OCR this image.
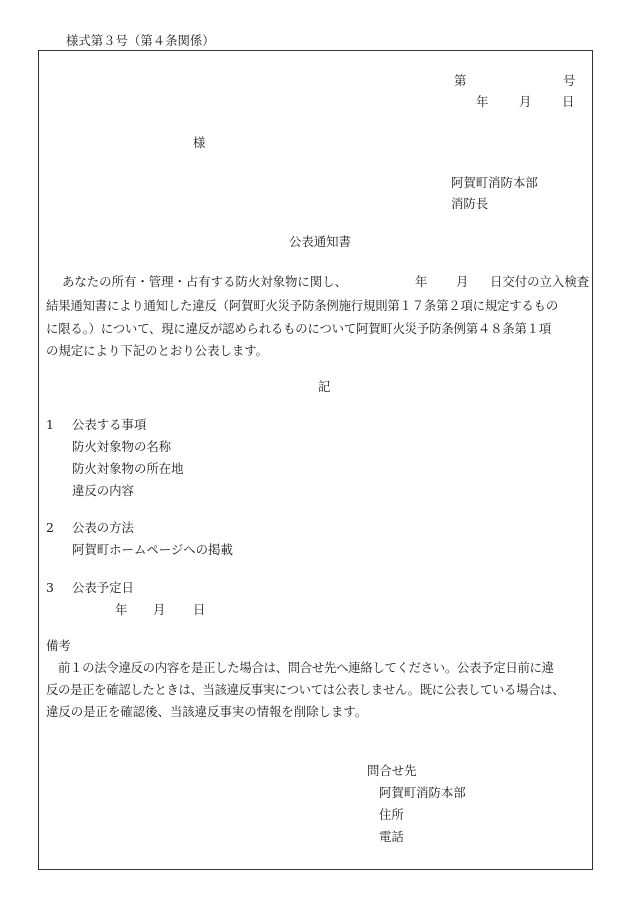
様式第３号（第４条関係）
第	号
年 月 日
様
阿賀町消防本部
消防長
公表通知書
あなたの所有・管理・占有する防火対象物に関し、	年 月 日交付の立入検査
結果通知書により通知した違反（阿賀町火災予防条例施行規則第１７条第２項に規定するもの
に限る。）について、現に違反が認められるものについて阿賀町火災予防条例第４８条第１項
の規定により下記のとおり公表します。
記
1 公表する事項
防火対象物の名称
防火対象物の所在地
違反の内容
2 公表の方法
阿賀町ホームページへの掲載
3 公表予定日
年 月 日
備考
前１の法令違反の内容を是正した場合は、問合せ先へ連絡してください。公表予定日前に違
反の是正を確認したときは、当該違反事実については公表しません。既に公表している場合は、
違反の是正を確認後、当該違反事実の情報を削除します。
問合せ先
阿賀町消防本部
住所
電話
